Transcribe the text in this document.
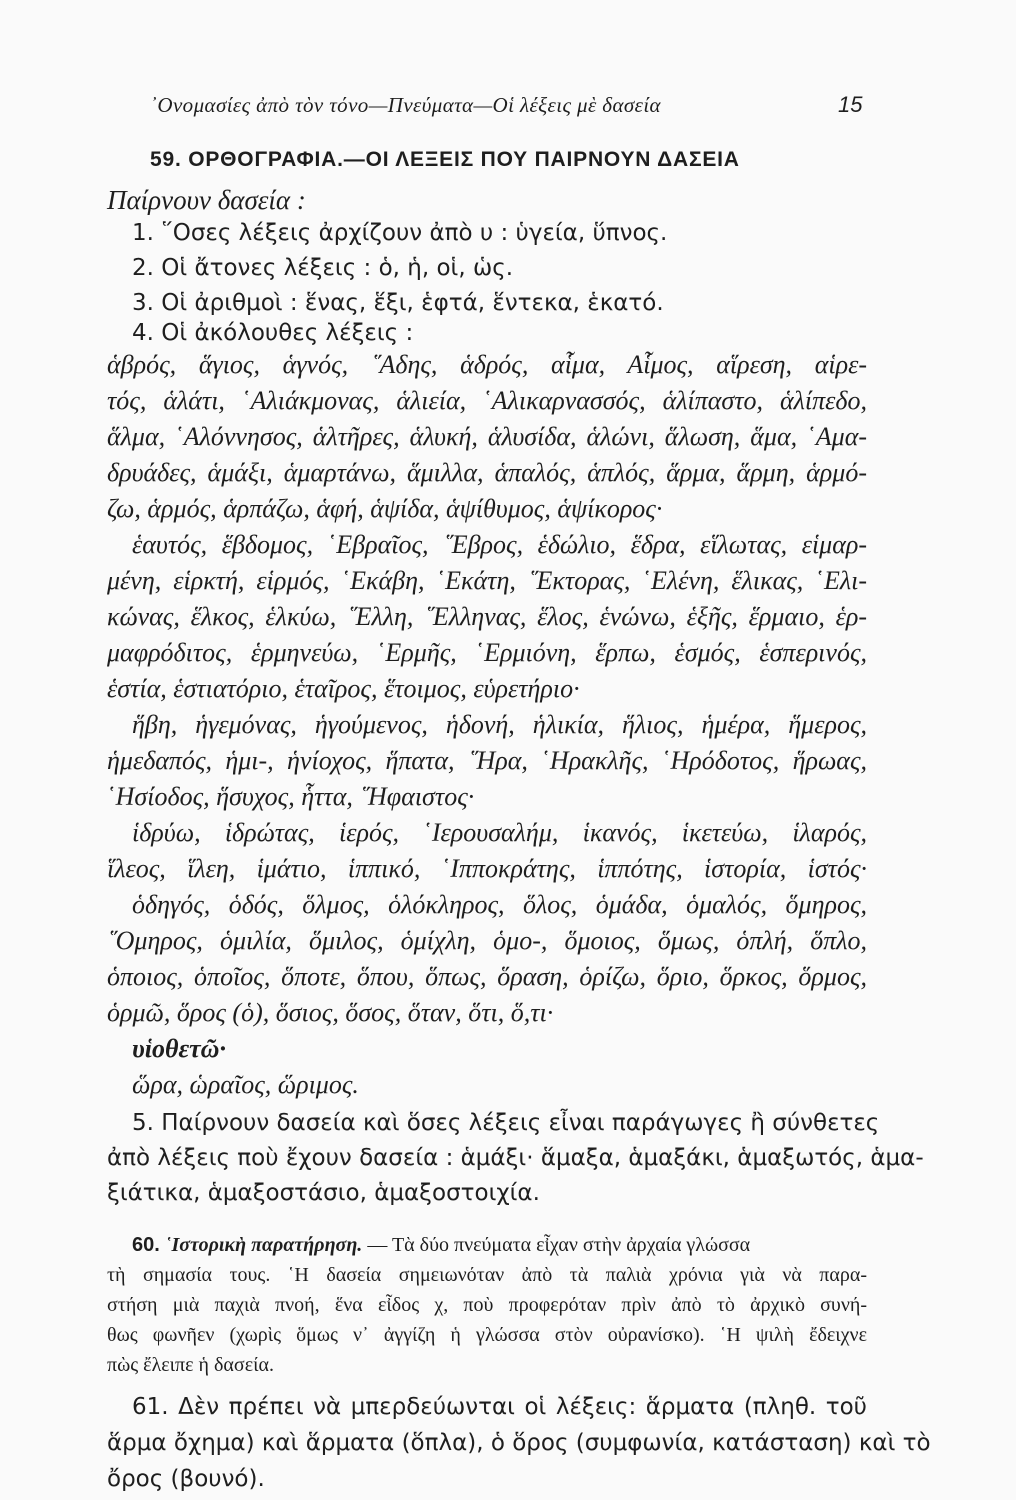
᾿Ονομασίες ἀπὸ τὸν τόνο—Πνεύματα—Οἱ λέξεις μὲ δασεία	15
59. ΟΡΘΟΓΡΑΦΙΑ.—ΟΙ ΛΕΞΕΙΣ ΠΟΥ ΠΑΙΡΝΟΥΝ ΔΑΣΕΙΑ
Παίρνουν δασεία :

1. ῞Οσες λέξεις ἀρχίζουν ἀπὸ υ : ὑγεία, ὕπνος.

2. Οἱ ἄτονες λέξεις : ὁ, ἡ, οἱ, ὡς.

3. Οἱ ἀριθμοὶ : ἕνας, ἕξι, ἑφτά, ἕντεκα, ἑκατό.

4. Οἱ ἀκόλουθες λέξεις :

ἁβρός, ἅγιος, ἁγνός, ῞Αδης, ἁδρός, αἷμα, Αἷμος, αἵρεση, αἱρε-

τός, ἁλάτι, ῾Αλιάκμονας, ἁλιεία, ῾Αλικαρνασσός, ἁλίπαστο, ἁλίπεδο,

ἅλμα, ῾Αλόννησος, ἁλτῆρες, ἁλυκή, ἁλυσίδα, ἁλώνι, ἅλωση, ἅμα, ῾Αμα-

δρυάδες, ἁμάξι, ἁμαρτάνω, ἅμιλλα, ἁπαλός, ἁπλός, ἅρμα, ἅρμη, ἁρμό-

ζω, ἁρμός, ἁρπάζω, ἁφή, ἁψίδα, ἁψίθυμος, ἁψίκορος·

ἑαυτός, ἕβδομος, ῾Εβραῖος, ῞Εβρος, ἑδώλιο, ἕδρα, εἵλωτας, εἱμαρ-

μένη, εἱρκτή, εἱρμός, ῾Εκάβη, ῾Εκάτη, ῞Εκτορας, ῾Ελένη, ἕλικας, ῾Ελι-

κώνας, ἕλκος, ἑλκύω, ῞Ελλη, ῞Ελληνας, ἕλος, ἑνώνω, ἑξῆς, ἕρμαιο, ἑρ-

μαφρόδιτος, ἑρμηνεύω, ῾Ερμῆς, ῾Ερμιόνη, ἕρπω, ἑσμός, ἑσπερινός,

ἑστία, ἑστιατόριο, ἑταῖρος, ἕτοιμος, εὑρετήριο·

ἥβη, ἡγεμόνας, ἡγούμενος, ἡδονή, ἡλικία, ἥλιος, ἡμέρα, ἥμερος,

ἡμεδαπός, ἡμι-, ἡνίοχος, ἥπατα, ῞Ηρα, ῾Ηρακλῆς, ῾Ηρόδοτος, ἥρωας,

῾Ησίοδος, ἥσυχος, ἧττα, ῞Ηφαιστος·

ἱδρύω, ἱδρώτας, ἱερός, ῾Ιερουσαλήμ, ἱκανός, ἱκετεύω, ἱλαρός,

ἵλεος, ἵλεη, ἱμάτιο, ἱππικό, ῾Ιπποκράτης, ἱππότης, ἱστορία, ἱστός·

ὁδηγός, ὁδός, ὅλμος, ὁλόκληρος, ὅλος, ὁμάδα, ὁμαλός, ὅμηρος,

῞Ομηρος, ὁμιλία, ὅμιλος, ὁμίχλη, ὁμο-, ὅμοιος, ὅμως, ὁπλή, ὅπλο,

ὁποιος, ὁποῖος, ὅποτε, ὅπου, ὅπως, ὅραση, ὁρίζω, ὅριο, ὅρκος, ὅρμος,

ὁρμῶ, ὅρος (ὁ), ὅσιος, ὅσος, ὅταν, ὅτι, ὅ,τι·

υἱοθετῶ·

ὥρα, ὡραῖος, ὥριμος.

5. Παίρνουν δασεία καὶ ὅσες λέξεις εἶναι παράγωγες ἢ σύνθετες

ἀπὸ λέξεις ποὺ ἔχουν δασεία : ἁμάξι· ἅμαξα, ἁμαξάκι, ἁμαξωτός, ἁμα-

ξιάτικα, ἁμαξοστάσιο, ἁμαξοστοιχία.

60. ῾Ιστορικὴ παρατήρηση. — Τὰ δύο πνεύματα εἶχαν στὴν ἀρχαία γλώσσα

τὴ σημασία τους. ῾Η δασεία σημειωνόταν ἀπὸ τὰ παλιὰ χρόνια γιὰ νὰ παρα-

στήση μιὰ παχιὰ πνοή, ἕνα εἶδος χ, ποὺ προφερόταν πρὶν ἀπὸ τὸ ἀρχικὸ συνή-

θως φωνῆεν (χωρὶς ὅμως ν᾿ ἀγγίζη ἡ γλώσσα στὸν οὐρανίσκο). ῾Η ψιλὴ ἔδειχνε

πὼς ἔλειπε ἡ δασεία.

61. Δὲν πρέπει νὰ μπερδεύωνται οἱ λέξεις: ἅρματα (πληθ. τοῦ

ἅρμα ὄχημα) καὶ ἅρματα (ὅπλα), ὁ ὅρος (συμφωνία, κατάσταση) καὶ τὸ

ὄρος (βουνό).
